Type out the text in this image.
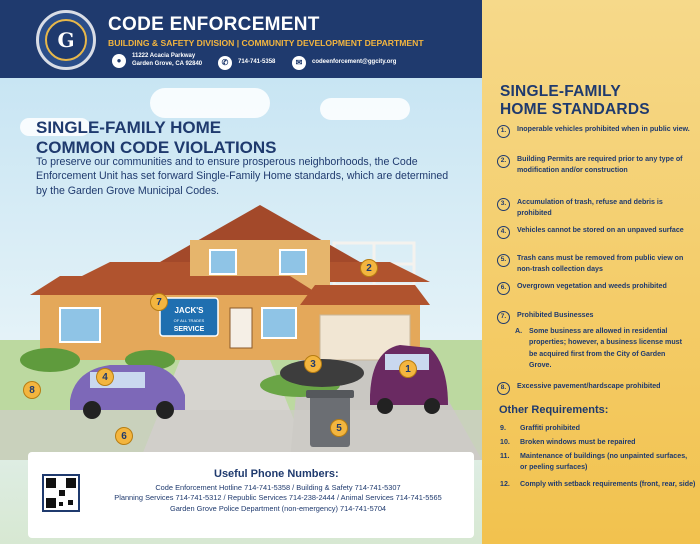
G
CODE ENFORCEMENT
BUILDING & SAFETY DIVISION | COMMUNITY DEVELOPMENT DEPARTMENT
●	11222 Acacia Parkway
Garden Grove, CA 92840	✆	714-741-5358	✉	codeenforcement@ggcity.org
JACK'S
OF ALL TRADES
SERVICE
1
2
3
4
5
6
7
8
SINGLE-FAMILY HOME
COMMON CODE VIOLATIONS
To preserve our communities and to ensure prosperous neighborhoods, the Code Enforcement Unit has set forward Single-Family Home standards, which are determined by the Garden Grove Municipal Codes.
SCAN TO SUBMIT A REQUEST FOR SERVICE
Useful Phone Numbers:
Code Enforcement Hotline 714-741-5358 / Building & Safety 714-741-5307
Planning Services 714-741-5312 / Republic Services 714-238-2444 / Animal Services 714-741-5565
Garden Grove Police Department (non-emergency) 714-741-5704
SINGLE-FAMILY
HOME STANDARDS
1.	Inoperable vehicles prohibited when in public view.
2.	Building Permits are required prior to any type of modification and/or construction
3.	Accumulation of trash, refuse and debris is prohibited
4.	Vehicles cannot be stored on an unpaved surface
5.	Trash cans must be removed from public view on non-trash collection days
6.	Overgrown vegetation and weeds prohibited
7.	Prohibited Businesses
A. Some business are allowed in residential properties; however, a business license must be acquired first from the City of Garden Grove.
8.	Excessive pavement/hardscape prohibited
Other Requirements:
9. Graffiti prohibited
10. Broken windows must be repaired
11. Maintenance of buildings (no unpainted surfaces, or peeling surfaces)
12. Comply with setback requirements (front, rear, side)
